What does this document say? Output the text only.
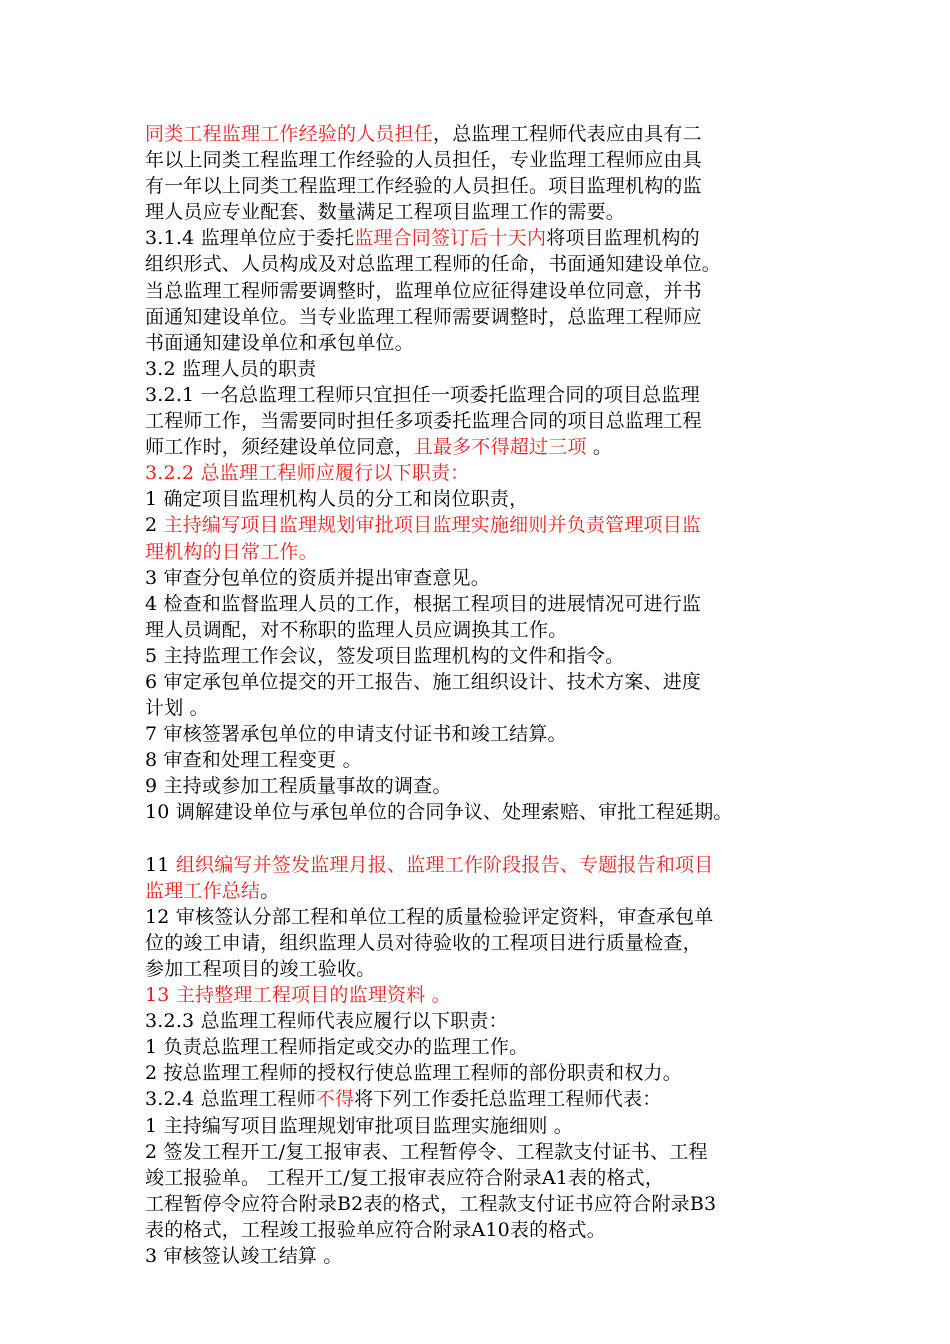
同类工程监理工作经验的人员担任，总监理工程师代表应由具有二
年以上同类工程监理工作经验的人员担任，专业监理工程师应由具
有一年以上同类工程监理工作经验的人员担任。项目监理机构的监
理人员应专业配套、数量满足工程项目监理工作的需要。
3.1.4 监理单位应于委托监理合同签订后十天内将项目监理机构的
组织形式、人员构成及对总监理工程师的任命，书面通知建设单位。
当总监理工程师需要调整时，监理单位应征得建设单位同意，并书
面通知建设单位。当专业监理工程师需要调整时，总监理工程师应
书面通知建设单位和承包单位。
3.2 监理人员的职责
3.2.1 一名总监理工程师只宜担任一项委托监理合同的项目总监理
工程师工作，当需要同时担任多项委托监理合同的项目总监理工程
师工作时，须经建设单位同意，且最多不得超过三项 。
3.2.2 总监理工程师应履行以下职责：
1 确定项目监理机构人员的分工和岗位职责，
2 主持编写项目监理规划审批项目监理实施细则并负责管理项目监
理机构的日常工作。
3 审查分包单位的资质并提出审查意见。
4 检查和监督监理人员的工作，根据工程项目的进展情况可进行监
理人员调配，对不称职的监理人员应调换其工作。
5 主持监理工作会议，签发项目监理机构的文件和指令。
6 审定承包单位提交的开工报告、施工组织设计、技术方案、进度
计划 。
7 审核签署承包单位的申请支付证书和竣工结算。
8 审查和处理工程变更 。
9 主持或参加工程质量事故的调查。
10 调解建设单位与承包单位的合同争议、处理索赔、审批工程延期。
11 组织编写并签发监理月报、监理工作阶段报告、专题报告和项目
监理工作总结。
12 审核签认分部工程和单位工程的质量检验评定资料，审查承包单
位的竣工申请，组织监理人员对待验收的工程项目进行质量检查，
参加工程项目的竣工验收。
13 主持整理工程项目的监理资料 。
3.2.3 总监理工程师代表应履行以下职责：
1 负责总监理工程师指定或交办的监理工作。
2 按总监理工程师的授权行使总监理工程师的部份职责和权力。
3.2.4 总监理工程师不得将下列工作委托总监理工程师代表：
1 主持编写项目监理规划审批项目监理实施细则 。
2 签发工程开工/复工报审表、工程暂停令、工程款支付证书、工程
竣工报验单。 工程开工/复工报审表应符合附录A1表的格式，
工程暂停令应符合附录B2表的格式，工程款支付证书应符合附录B3
表的格式，工程竣工报验单应符合附录A10表的格式。
3 审核签认竣工结算 。
